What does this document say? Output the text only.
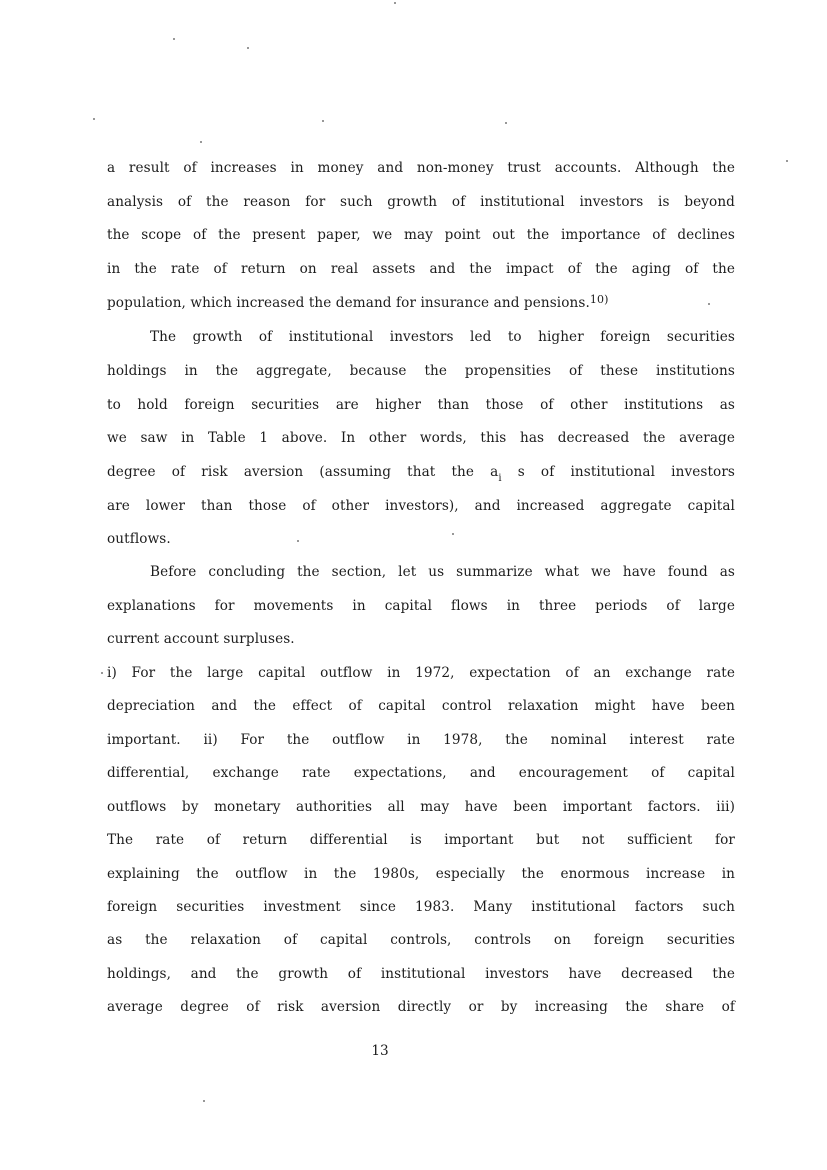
a result of increases in money and non-money trust accounts. Although the
analysis of the reason for such growth of institutional investors is beyond
the scope of the present paper, we may point out the importance of declines
in the rate of return on real assets and the impact of the aging of the
population, which increased the demand for insurance and pensions.$^{10)}$
The growth of institutional investors led to higher foreign securities
holdings in the aggregate, because the propensities of these institutions
to hold foreign securities are higher than those of other institutions as
we saw in Table 1 above. In other words, this has decreased the average
degree of risk aversion (assuming that the $a_i$ s of institutional investors
are lower than those of other investors), and increased aggregate capital
outflows.
Before concluding the section, let us summarize what we have found as
explanations for movements in capital flows in three periods of large
current account surpluses.
i) For the large capital outflow in 1972, expectation of an exchange rate
depreciation and the effect of capital control relaxation might have been
important. ii) For the outflow in 1978, the nominal interest rate
differential, exchange rate expectations, and encouragement of capital
outflows by monetary authorities all may have been important factors. iii)
The rate of return differential is important but not sufficient for
explaining the outflow in the 1980s, especially the enormous increase in
foreign securities investment since 1983. Many institutional factors such
as the relaxation of capital controls, controls on foreign securities
holdings, and the growth of institutional investors have decreased the
average degree of risk aversion directly or by increasing the share of
13
